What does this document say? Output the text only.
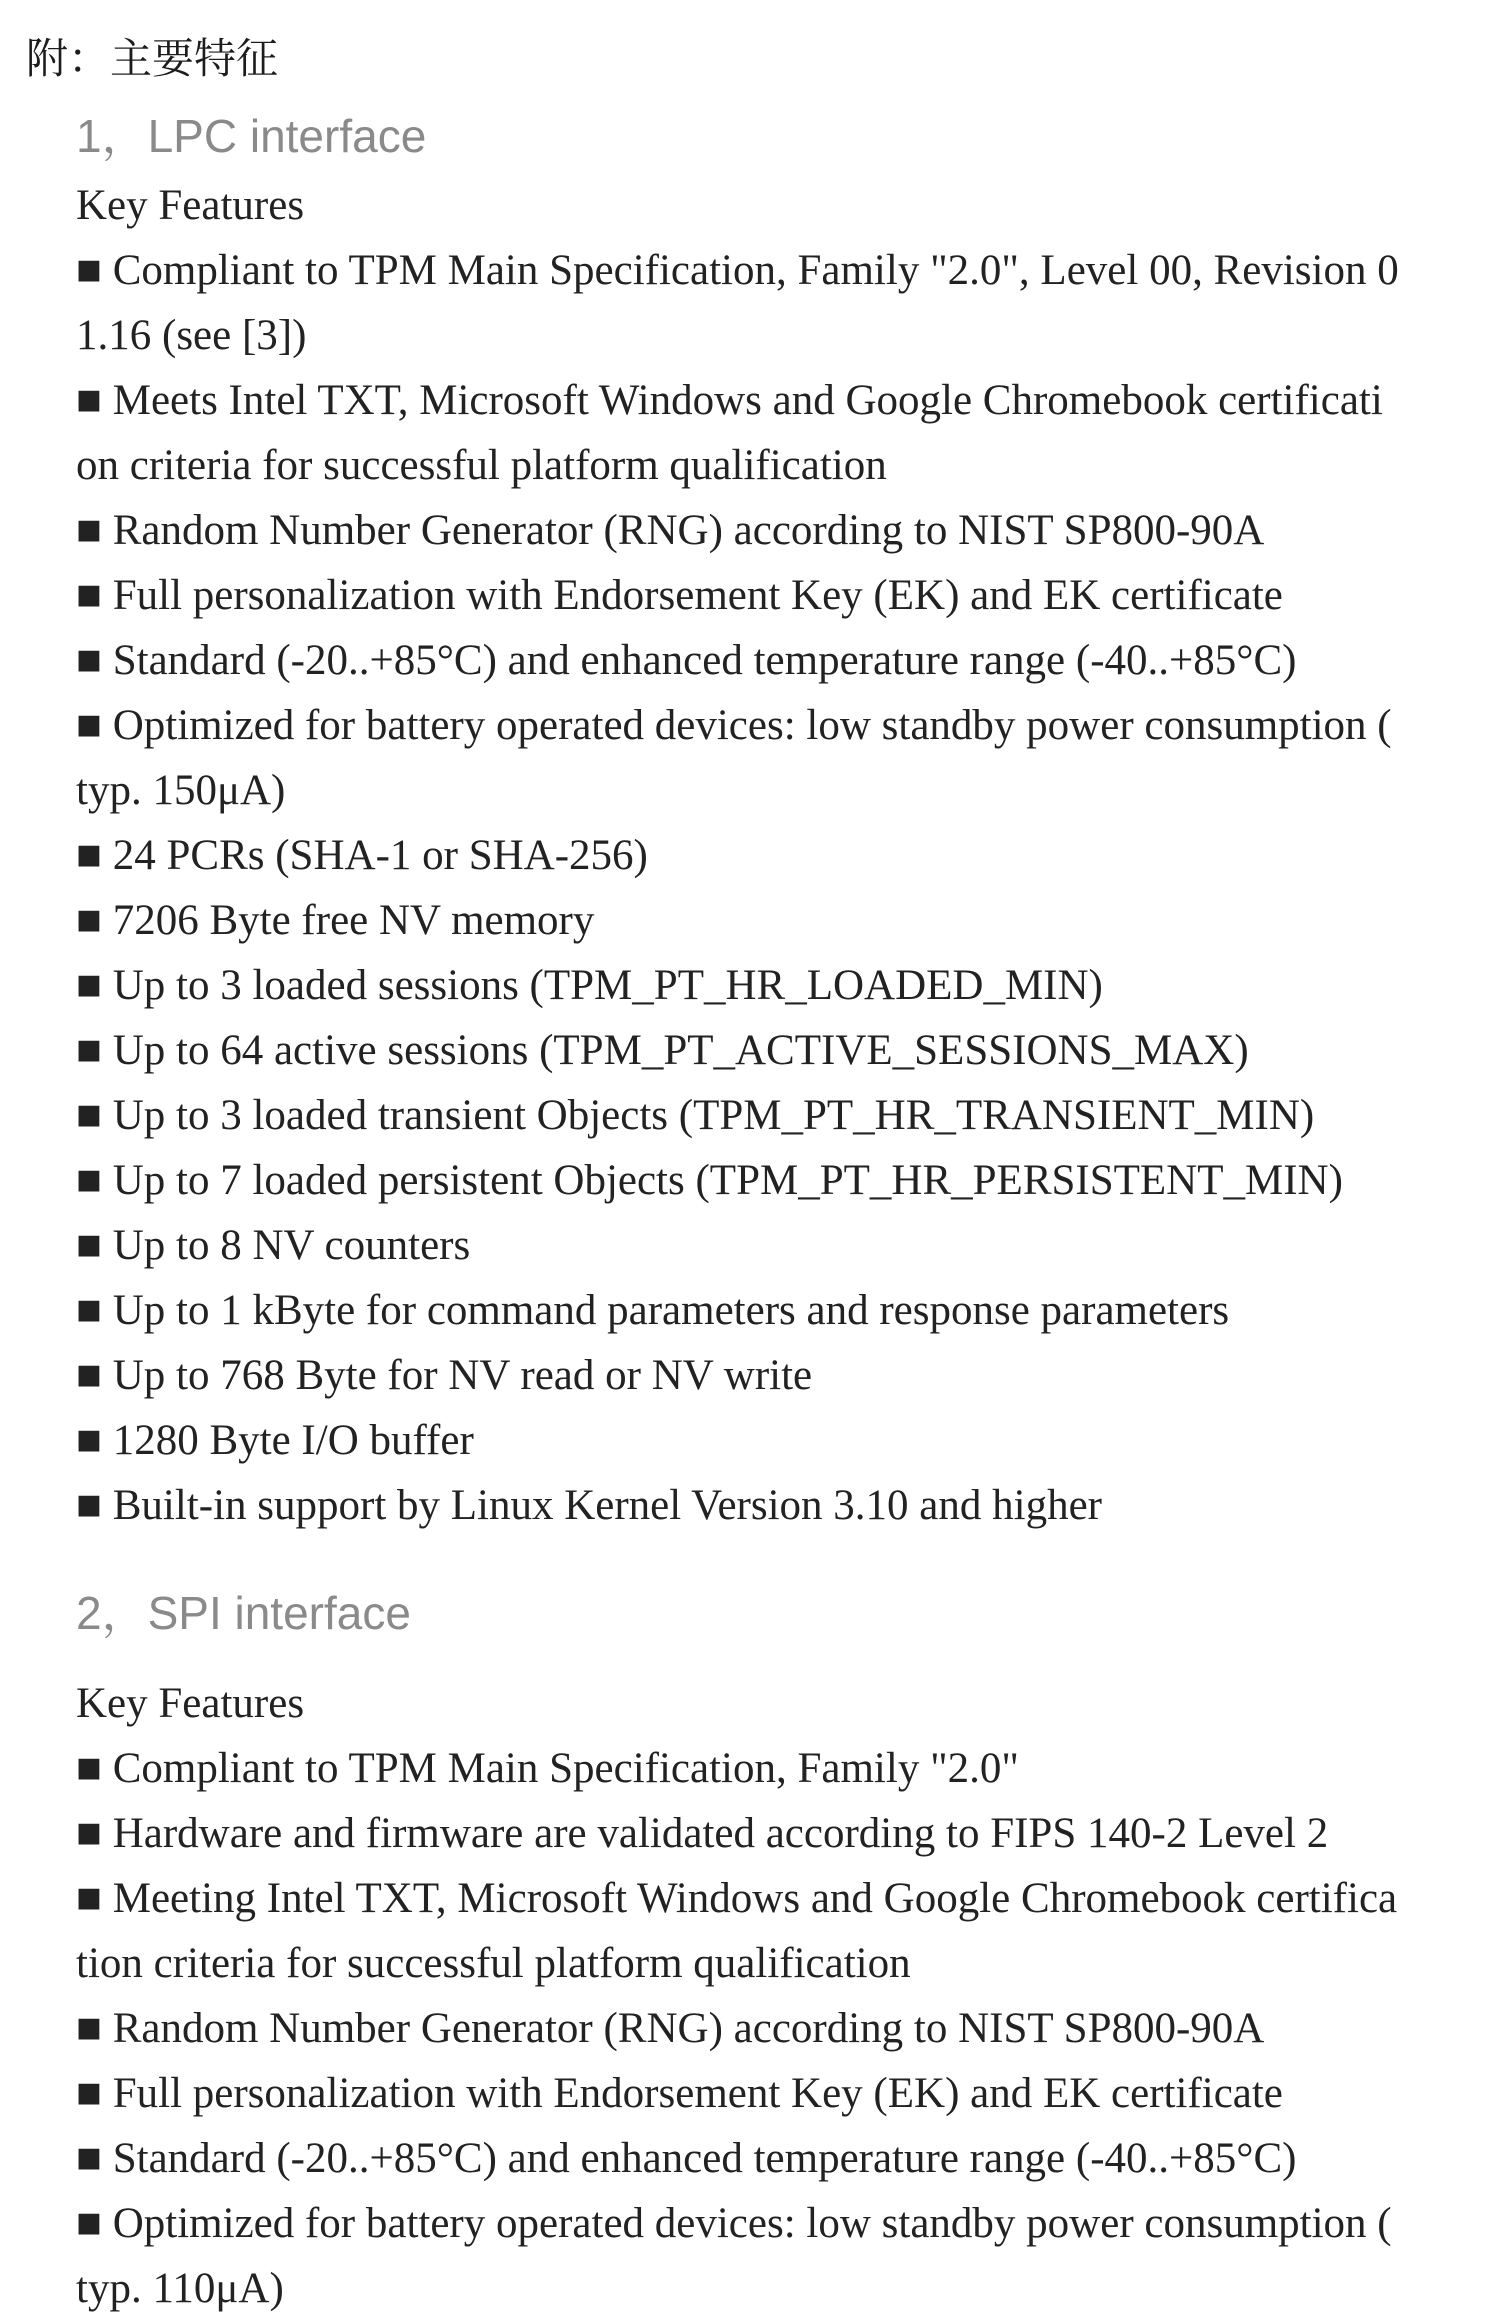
附：主要特征
1，LPC interface
Key Features
■ Compliant to TPM Main Specification, Family "2.0", Level 00, Revision 0
1.16 (see [3])
■ Meets Intel TXT, Microsoft Windows and Google Chromebook certificati
on criteria for successful platform qualification
■ Random Number Generator (RNG) according to NIST SP800-90A
■ Full personalization with Endorsement Key (EK) and EK certificate
■ Standard (-20..+85°C) and enhanced temperature range (-40..+85°C)
■ Optimized for battery operated devices: low standby power consumption (
typ. 150μA)
■ 24 PCRs (SHA-1 or SHA-256)
■ 7206 Byte free NV memory
■ Up to 3 loaded sessions (TPM_PT_HR_LOADED_MIN)
■ Up to 64 active sessions (TPM_PT_ACTIVE_SESSIONS_MAX)
■ Up to 3 loaded transient Objects (TPM_PT_HR_TRANSIENT_MIN)
■ Up to 7 loaded persistent Objects (TPM_PT_HR_PERSISTENT_MIN)
■ Up to 8 NV counters
■ Up to 1 kByte for command parameters and response parameters
■ Up to 768 Byte for NV read or NV write
■ 1280 Byte I/O buffer
■ Built-in support by Linux Kernel Version 3.10 and higher
2，SPI interface
Key Features
■ Compliant to TPM Main Specification, Family "2.0"
■ Hardware and firmware are validated according to FIPS 140-2 Level 2
■ Meeting Intel TXT, Microsoft Windows and Google Chromebook certifica
tion criteria for successful platform qualification
■ Random Number Generator (RNG) according to NIST SP800-90A
■ Full personalization with Endorsement Key (EK) and EK certificate
■ Standard (-20..+85°C) and enhanced temperature range (-40..+85°C)
■ Optimized for battery operated devices: low standby power consumption (
typ. 110μA)
